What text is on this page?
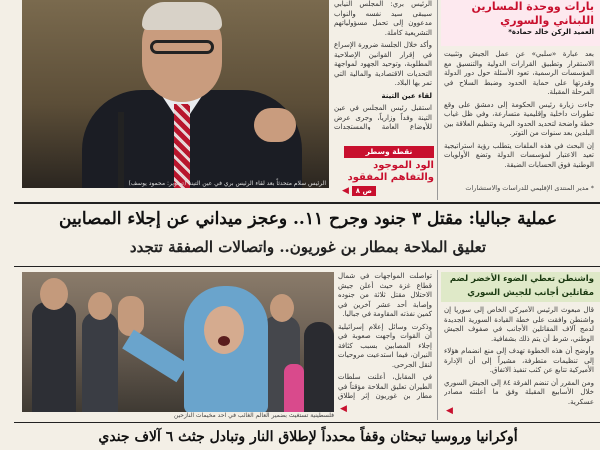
الرئيس سلام متحدثاً بعد لقاء الرئيس بري في عين التينة (تصوير: محمود يوسف)

الرئيس بري: المجلس النيابي سيبقى سيد نفسه والنواب مدعوون إلى تحمل مسؤولياتهم التشريعية كاملة.

وأكد خلال الجلسة ضرورة الإسراع في إقرار القوانين الإصلاحية المطلوبة، وتوحيد الجهود لمواجهة التحديات الاقتصادية والمالية التي تمر بها البلاد.

لقاء عين التينة

استقبل رئيس المجلس في عين التينة وفداً وزارياً، وجرى عرض للأوضاع العامة والمستجدات

نقطة وسطر
الود الموجود
والتفاهم المفقود
◀ ص ٨
بارات ووحدة المسارين
اللبناني والسوري
العميد الركن خالد حمادة*

بعد عبارة «سلبي» عن عمل الجيش وتثبيت الاستقرار وتطبيق القرارات الدولية والتنسيق مع المؤسسات الرسمية، تعود الأسئلة حول دور الدولة وقدرتها على حماية الحدود وضبط السلاح في المرحلة المقبلة.

جاءت زيارة رئيس الحكومة إلى دمشق على وقع تطورات داخلية وإقليمية متسارعة، وفي ظل غياب خطة واضحة لتحديد الحدود البرية وتنظيم العلاقة بين البلدين بعد سنوات من التوتر.

إن البحث في هذه الملفات يتطلب رؤية استراتيجية تعيد الاعتبار لمؤسسات الدولة وتضع الأولويات الوطنية فوق الحسابات الضيقة.

* مدير المنتدى الإقليمي للدراسات والاستشارات
عملية جباليا: مقتل ٣ جنود وجرح ١١.. وعجز ميداني عن إجلاء المصابين
تعليق الملاحة بمطار بن غوريون.. واتصالات الصفقة تتجدد
فلسطينية تستغيث بضمير العالم الغائب في احد مخيمات النازحين

تواصلت المواجهات في شمال قطاع غزة حيث أعلن جيش الاحتلال مقتل ثلاثة من جنوده وإصابة أحد عشر آخرين في كمين نفذته المقاومة في جباليا.

وذكرت وسائل إعلام إسرائيلية أن القوات واجهت صعوبة في إجلاء المصابين بسبب كثافة النيران، فيما استدعيت مروحيات لنقل الجرحى.

في المقابل، أعلنت سلطات الطيران تعليق الملاحة مؤقتاً في مطار بن غوريون إثر إطلاق

◀
واشنطن تعطي الضوء الأخضر لضم
مقاتلين أجانب للجيش السوري

قال مبعوث الرئيس الأميركي الخاص إلى سوريا إن واشنطن وافقت على خطة القيادة السورية الجديدة لدمج آلاف المقاتلين الأجانب في صفوف الجيش الوطني، شرط أن يتم ذلك بشفافية.

وأوضح أن هذه الخطوة تهدف إلى منع انضمام هؤلاء إلى تنظيمات متطرفة، مشيراً إلى أن الإدارة الأميركية تتابع عن كثب تنفيذ الاتفاق.

ومن المقرر أن تنضم الفرقة ٨٤ إلى الجيش السوري خلال الأسابيع المقبلة وفق ما أعلنته مصادر عسكرية.

◀
أوكرانيا وروسيا تبحثان وقفاً محدداً لإطلاق النار وتبادل جثث ٦ آلاف جندي
